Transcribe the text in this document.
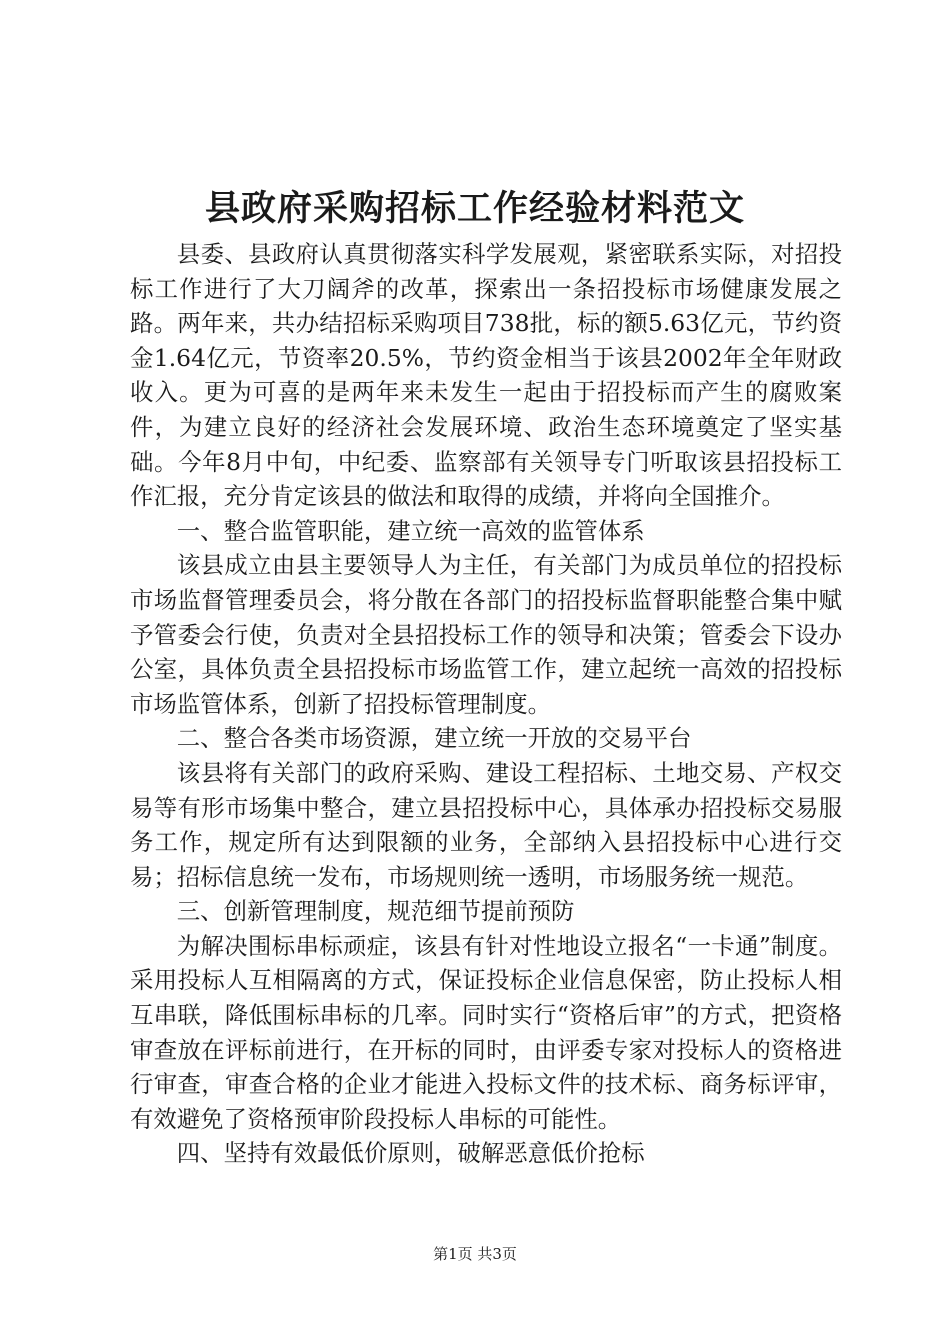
县政府采购招标工作经验材料范文

县委、县政府认真贯彻落实科学发展观，紧密联系实际，对招投标工作进行了大刀阔斧的改革，探索出一条招投标市场健康发展之路。两年来，共办结招标采购项目738批，标的额5.63亿元，节约资金1.64亿元，节资率20.5%，节约资金相当于该县2002年全年财政收入。更为可喜的是两年来未发生一起由于招投标而产生的腐败案件，为建立良好的经济社会发展环境、政治生态环境奠定了坚实基础。今年8月中旬，中纪委、监察部有关领导专门听取该县招投标工作汇报，充分肯定该县的做法和取得的成绩，并将向全国推介。

一、整合监管职能，建立统一高效的监管体系

该县成立由县主要领导人为主任，有关部门为成员单位的招投标市场监督管理委员会，将分散在各部门的招投标监督职能整合集中赋予管委会行使，负责对全县招投标工作的领导和决策；管委会下设办公室，具体负责全县招投标市场监管工作，建立起统一高效的招投标市场监管体系，创新了招投标管理制度。

二、整合各类市场资源，建立统一开放的交易平台

该县将有关部门的政府采购、建设工程招标、土地交易、产权交易等有形市场集中整合，建立县招投标中心，具体承办招投标交易服务工作，规定所有达到限额的业务，全部纳入县招投标中心进行交易；招标信息统一发布，市场规则统一透明，市场服务统一规范。

三、创新管理制度，规范细节提前预防

为解决围标串标顽症，该县有针对性地设立报名“一卡通”制度。采用投标人互相隔离的方式，保证投标企业信息保密，防止投标人相互串联，降低围标串标的几率。同时实行“资格后审”的方式，把资格审查放在评标前进行，在开标的同时，由评委专家对投标人的资格进行审查，审查合格的企业才能进入投标文件的技术标、商务标评审，有效避免了资格预审阶段投标人串标的可能性。

四、坚持有效最低价原则，破解恶意低价抢标

第1页 共3页
